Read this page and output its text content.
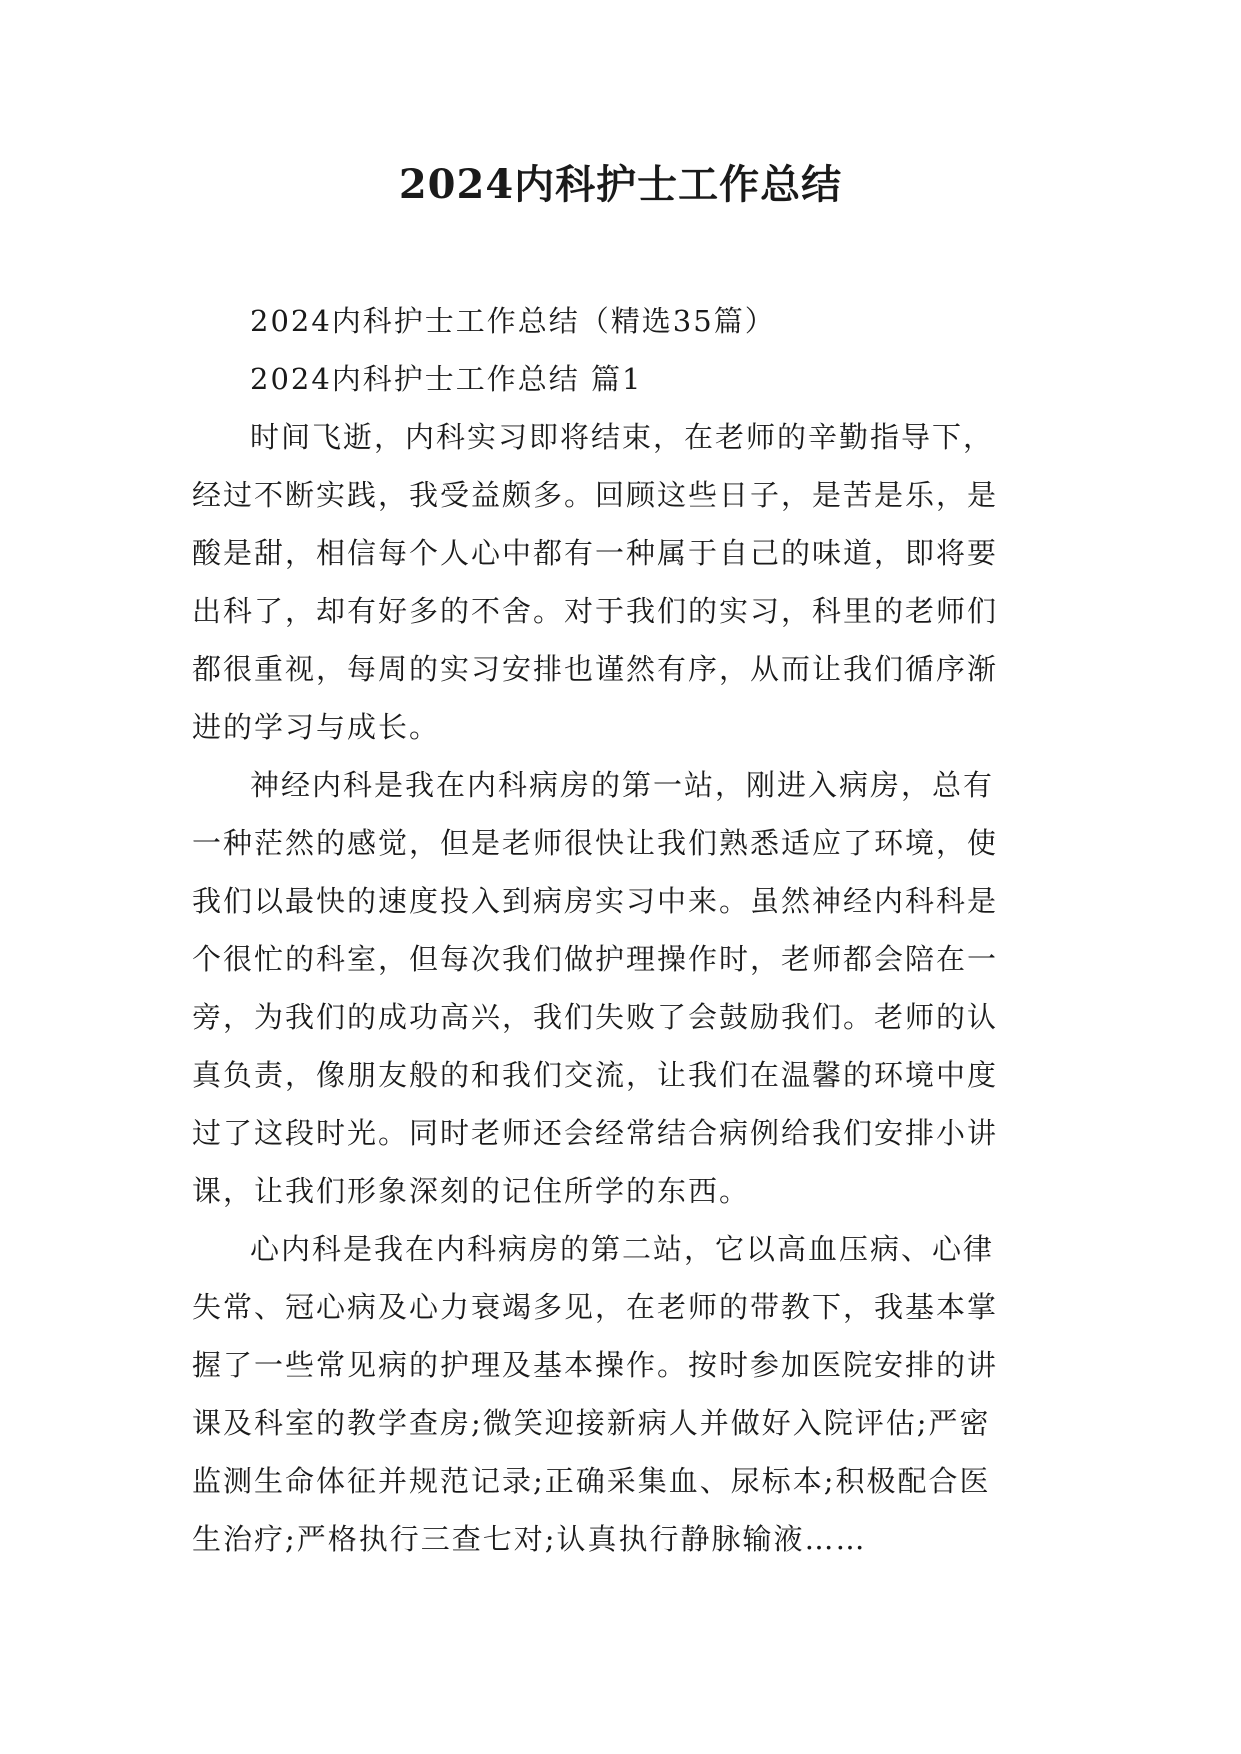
2024内科护士工作总结
2024内科护士工作总结（精选35篇）
2024内科护士工作总结 篇1
时间飞逝，内科实习即将结束，在老师的辛勤指导下，
经过不断实践，我受益颇多。回顾这些日子，是苦是乐，是
酸是甜，相信每个人心中都有一种属于自己的味道，即将要
出科了，却有好多的不舍。对于我们的实习，科里的老师们
都很重视，每周的实习安排也谨然有序，从而让我们循序渐
进的学习与成长。
神经内科是我在内科病房的第一站，刚进入病房，总有
一种茫然的感觉，但是老师很快让我们熟悉适应了环境，使
我们以最快的速度投入到病房实习中来。虽然神经内科科是
个很忙的科室，但每次我们做护理操作时，老师都会陪在一
旁，为我们的成功高兴，我们失败了会鼓励我们。老师的认
真负责，像朋友般的和我们交流，让我们在温馨的环境中度
过了这段时光。同时老师还会经常结合病例给我们安排小讲
课，让我们形象深刻的记住所学的东西。
心内科是我在内科病房的第二站，它以高血压病、心律
失常、冠心病及心力衰竭多见，在老师的带教下，我基本掌
握了一些常见病的护理及基本操作。按时参加医院安排的讲
课及科室的教学查房;微笑迎接新病人并做好入院评估;严密
监测生命体征并规范记录;正确采集血、尿标本;积极配合医
生治疗;严格执行三查七对;认真执行静脉输液……
